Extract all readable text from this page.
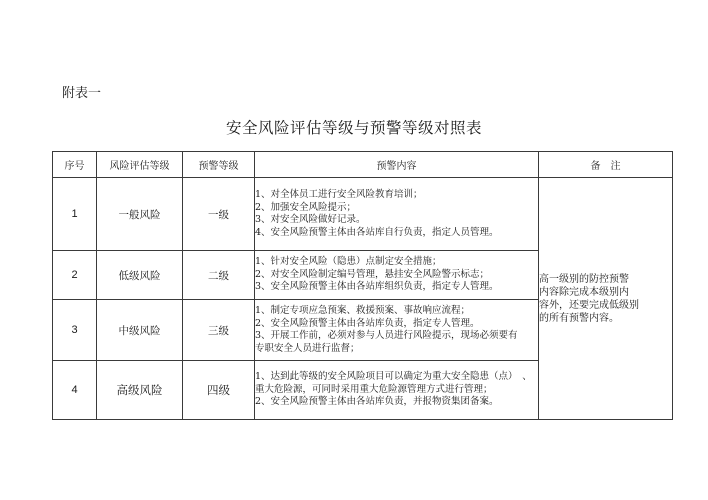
附表一
安全风险评估等级与预警等级对照表
序号	风险评估等级	预警等级	预警内容	备　注
1	一般风险	一级	1、对全体员工进行安全风险教育培训；
2、加强安全风险提示；
3、对安全风险做好记录。
4、安全风险预警主体由各站库自行负责，指定人员管理。	高一级别的防控预警
内容除完成本级别内
容外，还要完成低级别
的所有预警内容。

2	低级风险	二级	1、针对安全风险（隐患）点制定安全措施；
2、对安全风险制定编号管理，悬挂安全风险警示标志；
3、安全风险预警主体由各站库组织负责，指定专人管理。	

3	中级风险	三级	1、制定专项应急预案、救援预案、事故响应流程；
2、安全风险预警主体由各站库负责，指定专人管理。
3、开展工作前，必须对参与人员进行风险提示，现场必须要有
专职安全人员进行监督；	

4	高级风险	四级	1、达到此等级的安全风险项目可以确定为重大安全隐患（点）　、
重大危险源，可同时采用重大危险源管理方式进行管理；
2、安全风险预警主体由各站库负责，并报物资集团备案。	
